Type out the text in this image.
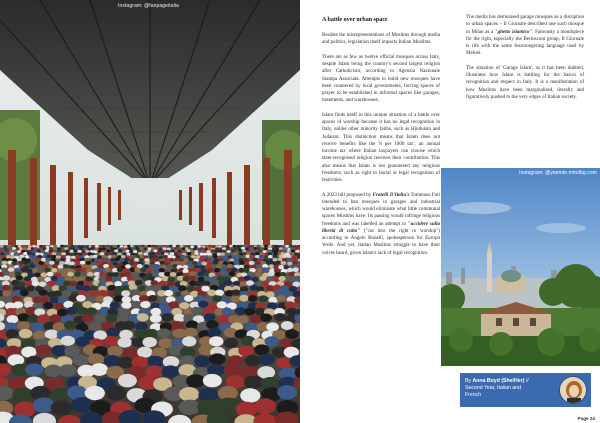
Instagram: @fanpageitalia
A battle over urban space

Besides the misrepresentations of Muslims through media and politics, legislation itself impacts Italian Muslims.

There are as few as twelve official mosques across Italy, despite Islam being the country's second largest religion after Catholicism, according to Agenzia Nazionale Stampa Associata. Attempts to build new mosques have been countered by local governments, forcing spaces of prayer to be established in informal spaces like garages, basements, and warehouses.

Islam finds itself in this unique situation of a battle over spaces of worship because it has no legal recognition in Italy, unlike other minority faiths, such as Hinduism and Judaism. This distinction means that Islam does not receive benefits like the '8 per 1000 tax', an annual income tax where Italian taxpayers can choose which state-recognised religion receives their contribution. This also means that Islam is not guaranteed any religious freedoms, such as right to burial or legal recognition of festivities.

A 2023 bill proposed by Fratelli D'Italia's Tommaso Foti intended to ban mosques in garages and industrial warehouses, which would eliminate what little communal spaces Muslims have. Its passing would infringe religious freedoms and was labelled an attempt to "uccidere sulla libertà di culto" ("cut into the right to worship") according to Angelo Bonelli, spokesperson for Europa Verde. And yet, Italian Muslims struggle to have their voices heard, given Islam's lack of legal recognition.

The media has demonised garage mosques as a disruption to urban spaces – Il Giornale described one such mosque in Milan as a "ghetto islamico". Famously a mouthpiece for the right, especially the Berlusconi group, Il Giornale is rife with the same fearmongering language used by Meloni.

The situation of 'Garage Islam', as it has been dubbed, illustrates how Islam is battling for the basics of recognition and respect in Italy. It is a manifestation of how Muslims have been marginalised, literally and figuratively pushed to the very edges of Italian society.

Instagram: @yiamde.mmdbg.com
By Anna Boyd (She/Her) //
Second Year, Italian and
French
Page 24
